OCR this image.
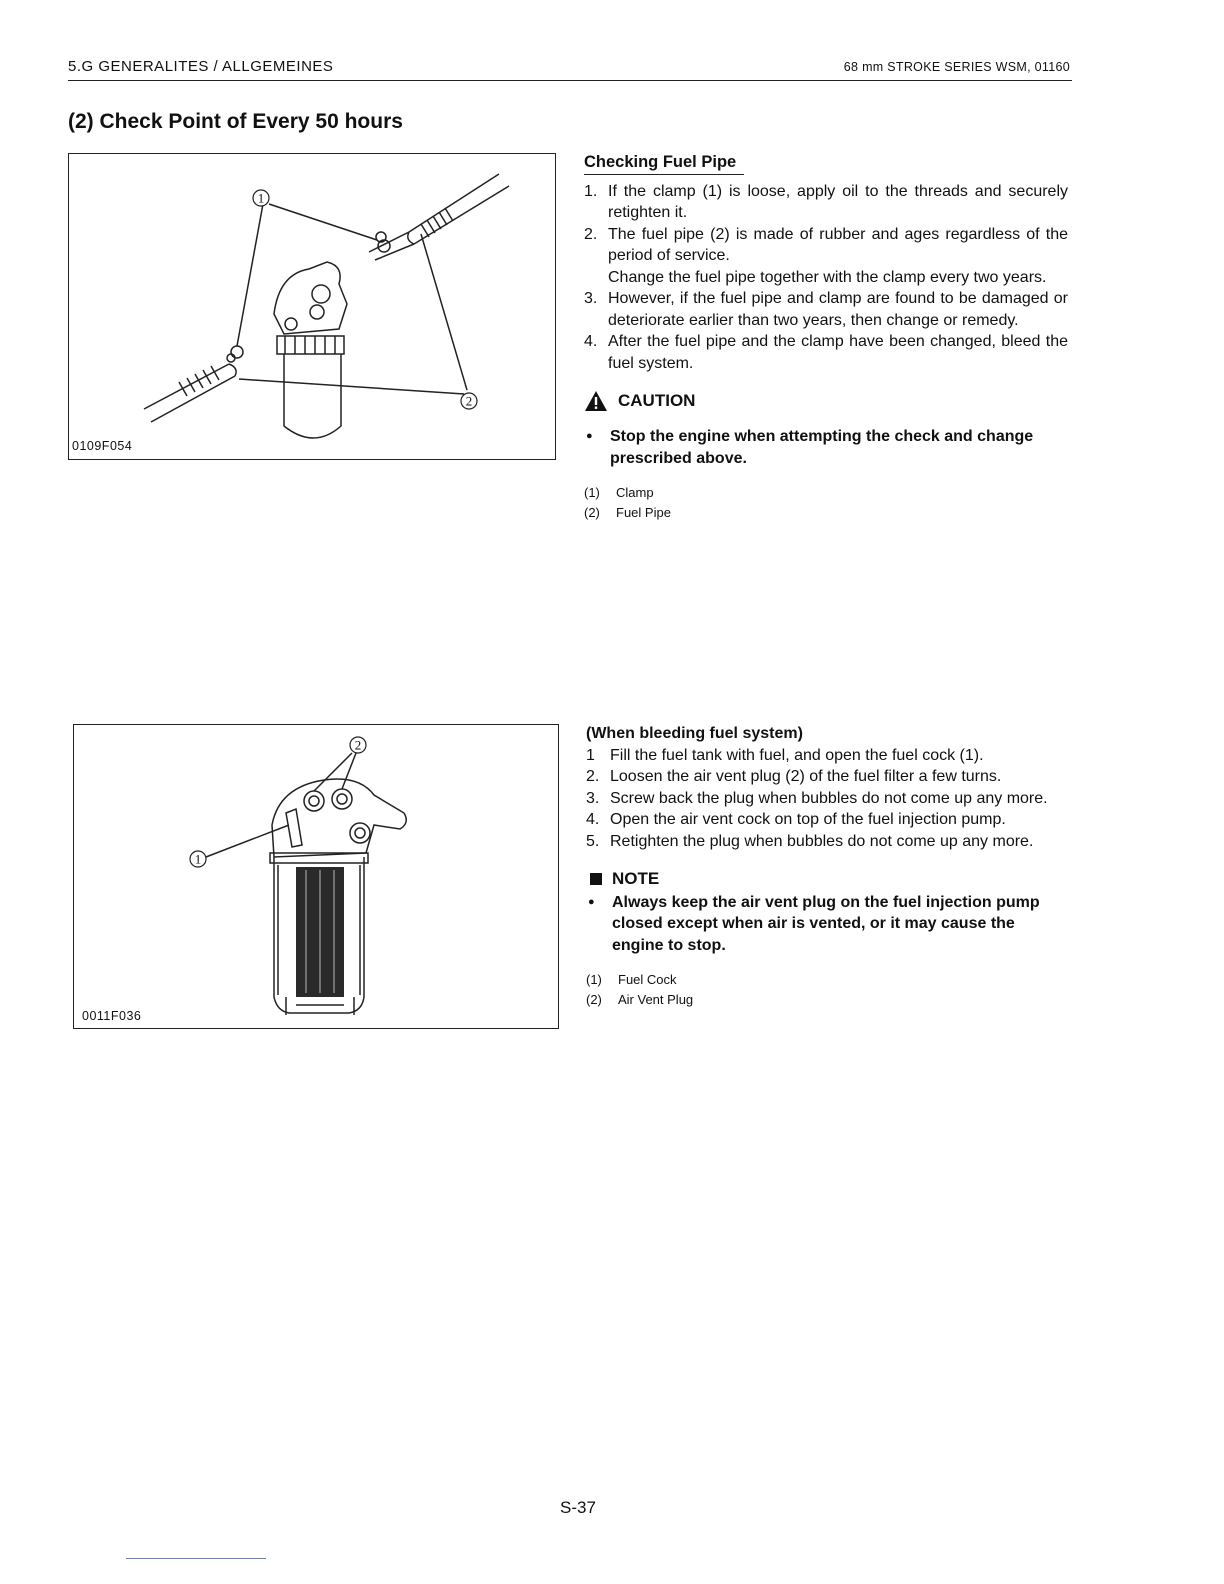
5.G GENERALITES / ALLGEMEINES	68 mm STROKE SERIES WSM, 01160
(2) Check Point of Every 50 hours
1
2
0109F054
Checking Fuel Pipe
1. If the clamp (1) is loose, apply oil to the threads and securely retighten it.
2. The fuel pipe (2) is made of rubber and ages regardless of the period of service.
Change the fuel pipe together with the clamp every two years.
3. However, if the fuel pipe and clamp are found to be damaged or deteriorate earlier than two years, then change or remedy.
4. After the fuel pipe and the clamp have been changed, bleed the fuel system.
CAUTION
● Stop the engine when attempting the check and change prescribed above.
(1) Clamp
(2) Fuel Pipe
1
2
0011F036
(When bleeding fuel system)
1 Fill the fuel tank with fuel, and open the fuel cock (1).
2. Loosen the air vent plug (2) of the fuel filter a few turns.
3. Screw back the plug when bubbles do not come up any more.
4. Open the air vent cock on top of the fuel injection pump.
5. Retighten the plug when bubbles do not come up any more.
NOTE
● Always keep the air vent plug on the fuel injection pump closed except when air is vented, or it may cause the engine to stop.
(1) Fuel Cock
(2) Air Vent Plug
S-37
